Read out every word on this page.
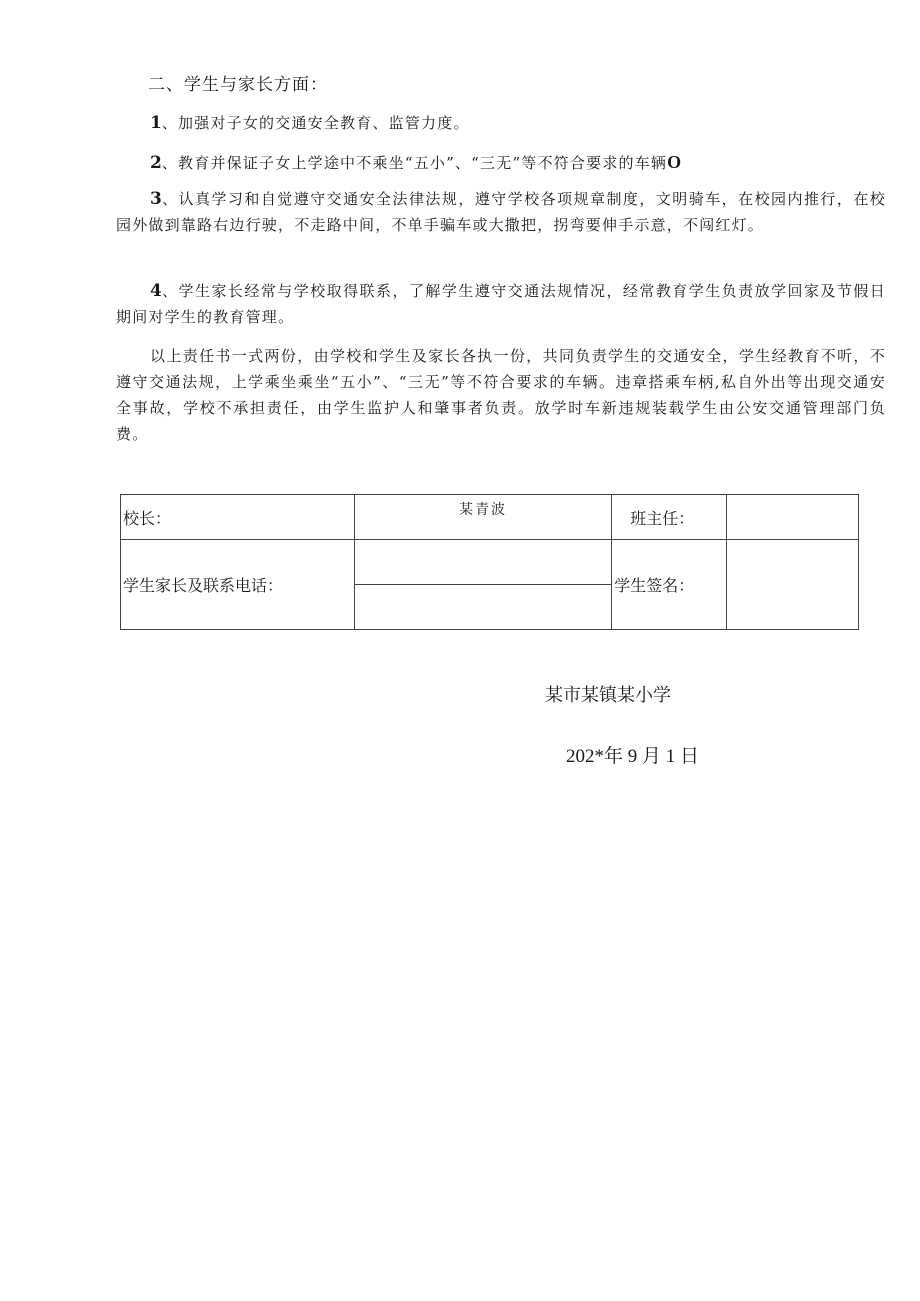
二、学生与家长方面：

1、加强对子女的交通安全教育、监管力度。

2、教育并保证子女上学途中不乘坐“五小”、“三无”等不符合要求的车辆O

3、认真学习和自觉遵守交通安全法律法规，遵守学校各项规章制度，文明骑车，在校园内推行，在校园外做到靠路右边行驶，不走路中间，不单手骗车或大撒把，拐弯要伸手示意，不闯红灯。

4、学生家长经常与学校取得联系，了解学生遵守交通法规情况，经常教育学生负责放学回家及节假日期间对学生的教育管理。

以上责任书一式两份，由学校和学生及家长各执一份，共同负责学生的交通安全，学生经教育不听，不遵守交通法规，上学乘坐乘坐“五小”、“三无”等不符合要求的车辆。违章搭乘车柄,私自外出等出现交通安全事故，学校不承担责任，由学生监护人和肇事者负责。放学时车新违规装载学生由公安交通管理部门负费。

校长：	某青波	班主任：	
学生家长及联系电话：		学生签名：	

某市某镇某小学
202*年 9 月 1 日
